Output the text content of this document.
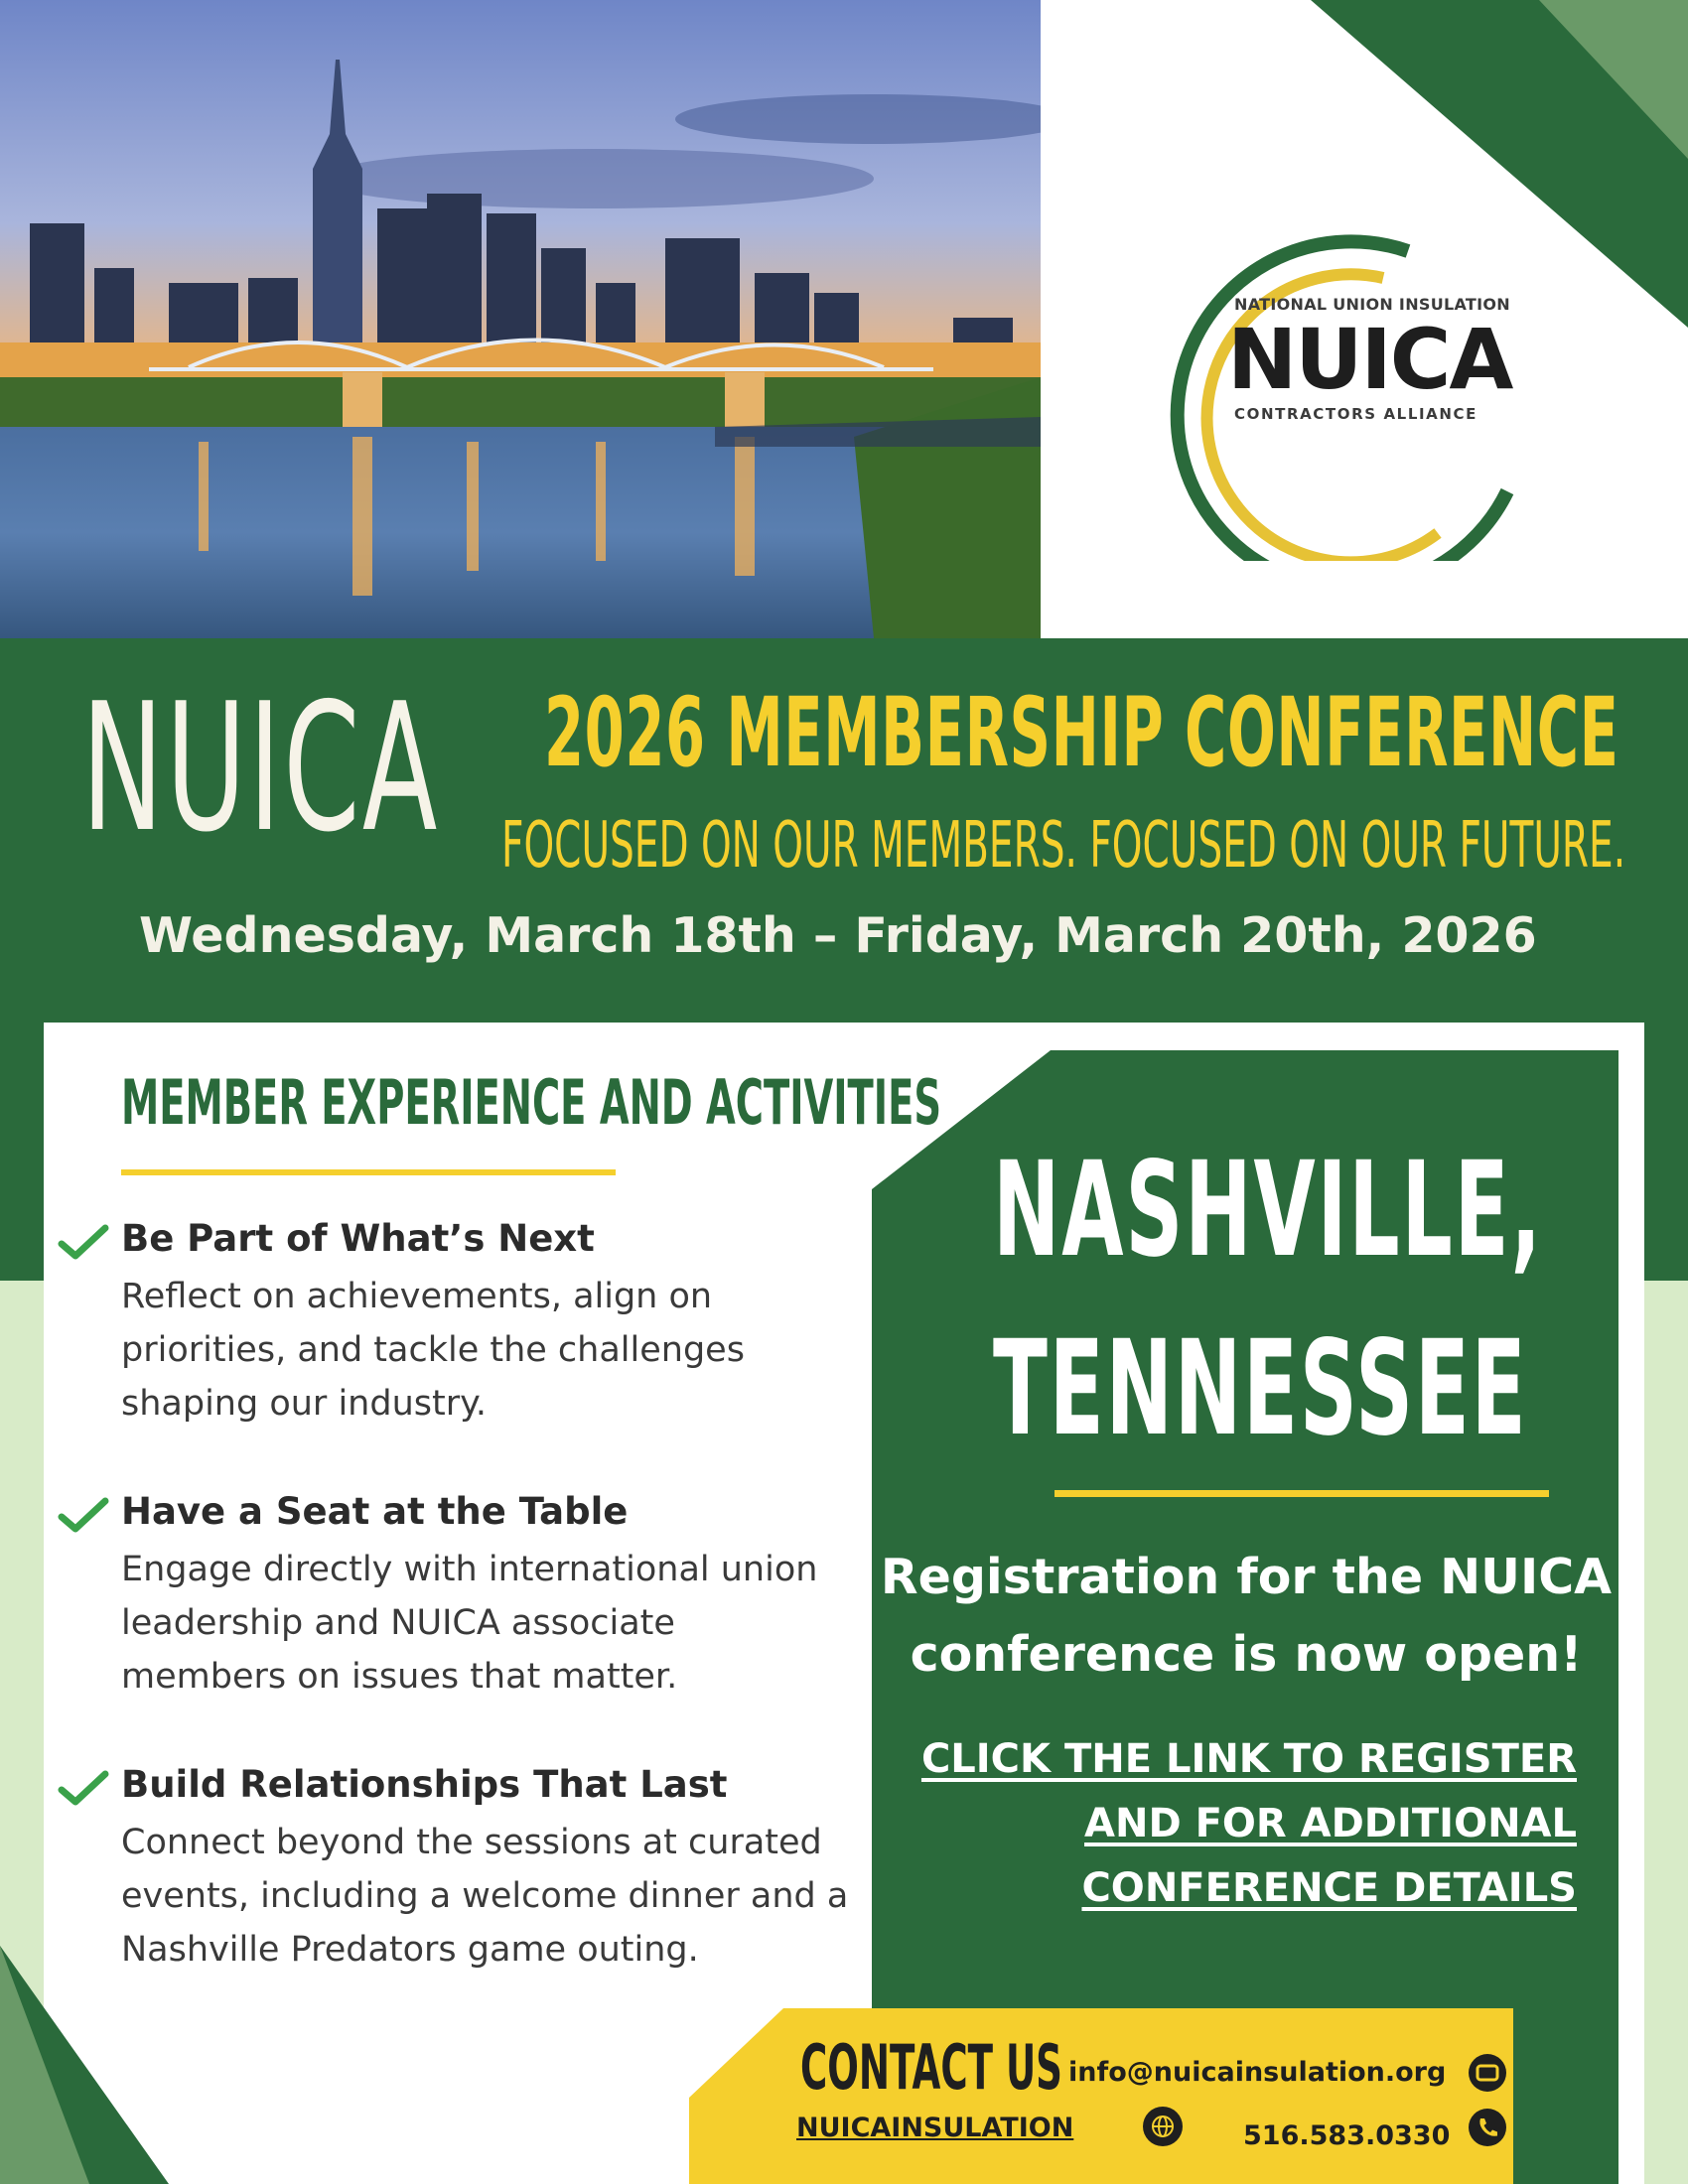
NATIONAL UNION INSULATION
NUICA
CONTRACTORS ALLIANCE
NUICA 2026 MEMBERSHIP CONFERENCE
FOCUSED ON OUR MEMBERS. FOCUSED ON OUR FUTURE.
Wednesday, March 18th – Friday, March 20th, 2026
MEMBER EXPERIENCE AND ACTIVITIES
Be Part of What’s Next

Reflect on achievements, align on
priorities, and tackle the challenges
shaping our industry.

Have a Seat at the Table

Engage directly with international union
leadership and NUICA associate
members on issues that matter.

Build Relationships That Last

Connect beyond the sessions at curated
events, including a welcome dinner and a
Nashville Predators game outing.

NASHVILLE,
TENNESSEE
Registration for the NUICA
conference is now open!
CLICK THE LINK TO REGISTER
AND FOR ADDITIONAL
CONFERENCE DETAILS
CONTACT US info@nuicainsulation.org
NUICAINSULATION	516.583.0330
